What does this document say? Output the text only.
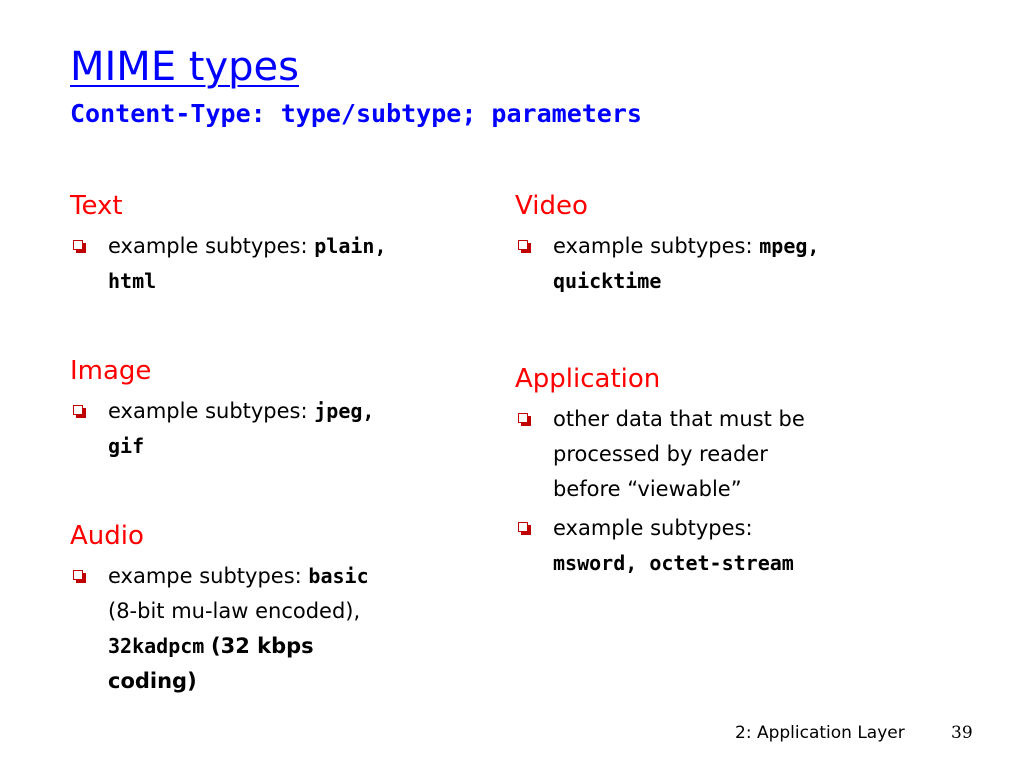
MIME types
Content-Type: type/subtype; parameters
Text
example subtypes: plain,
html
Image
example subtypes: jpeg,
gif
Audio
exampe subtypes: basic
(8-bit mu-law encoded),
32kadpcm (32 kbps
coding)
Video
example subtypes: mpeg,
quicktime
Application
other data that must be
processed by reader
before “viewable”
example subtypes:
msword, octet-stream
2: Application Layer	39
